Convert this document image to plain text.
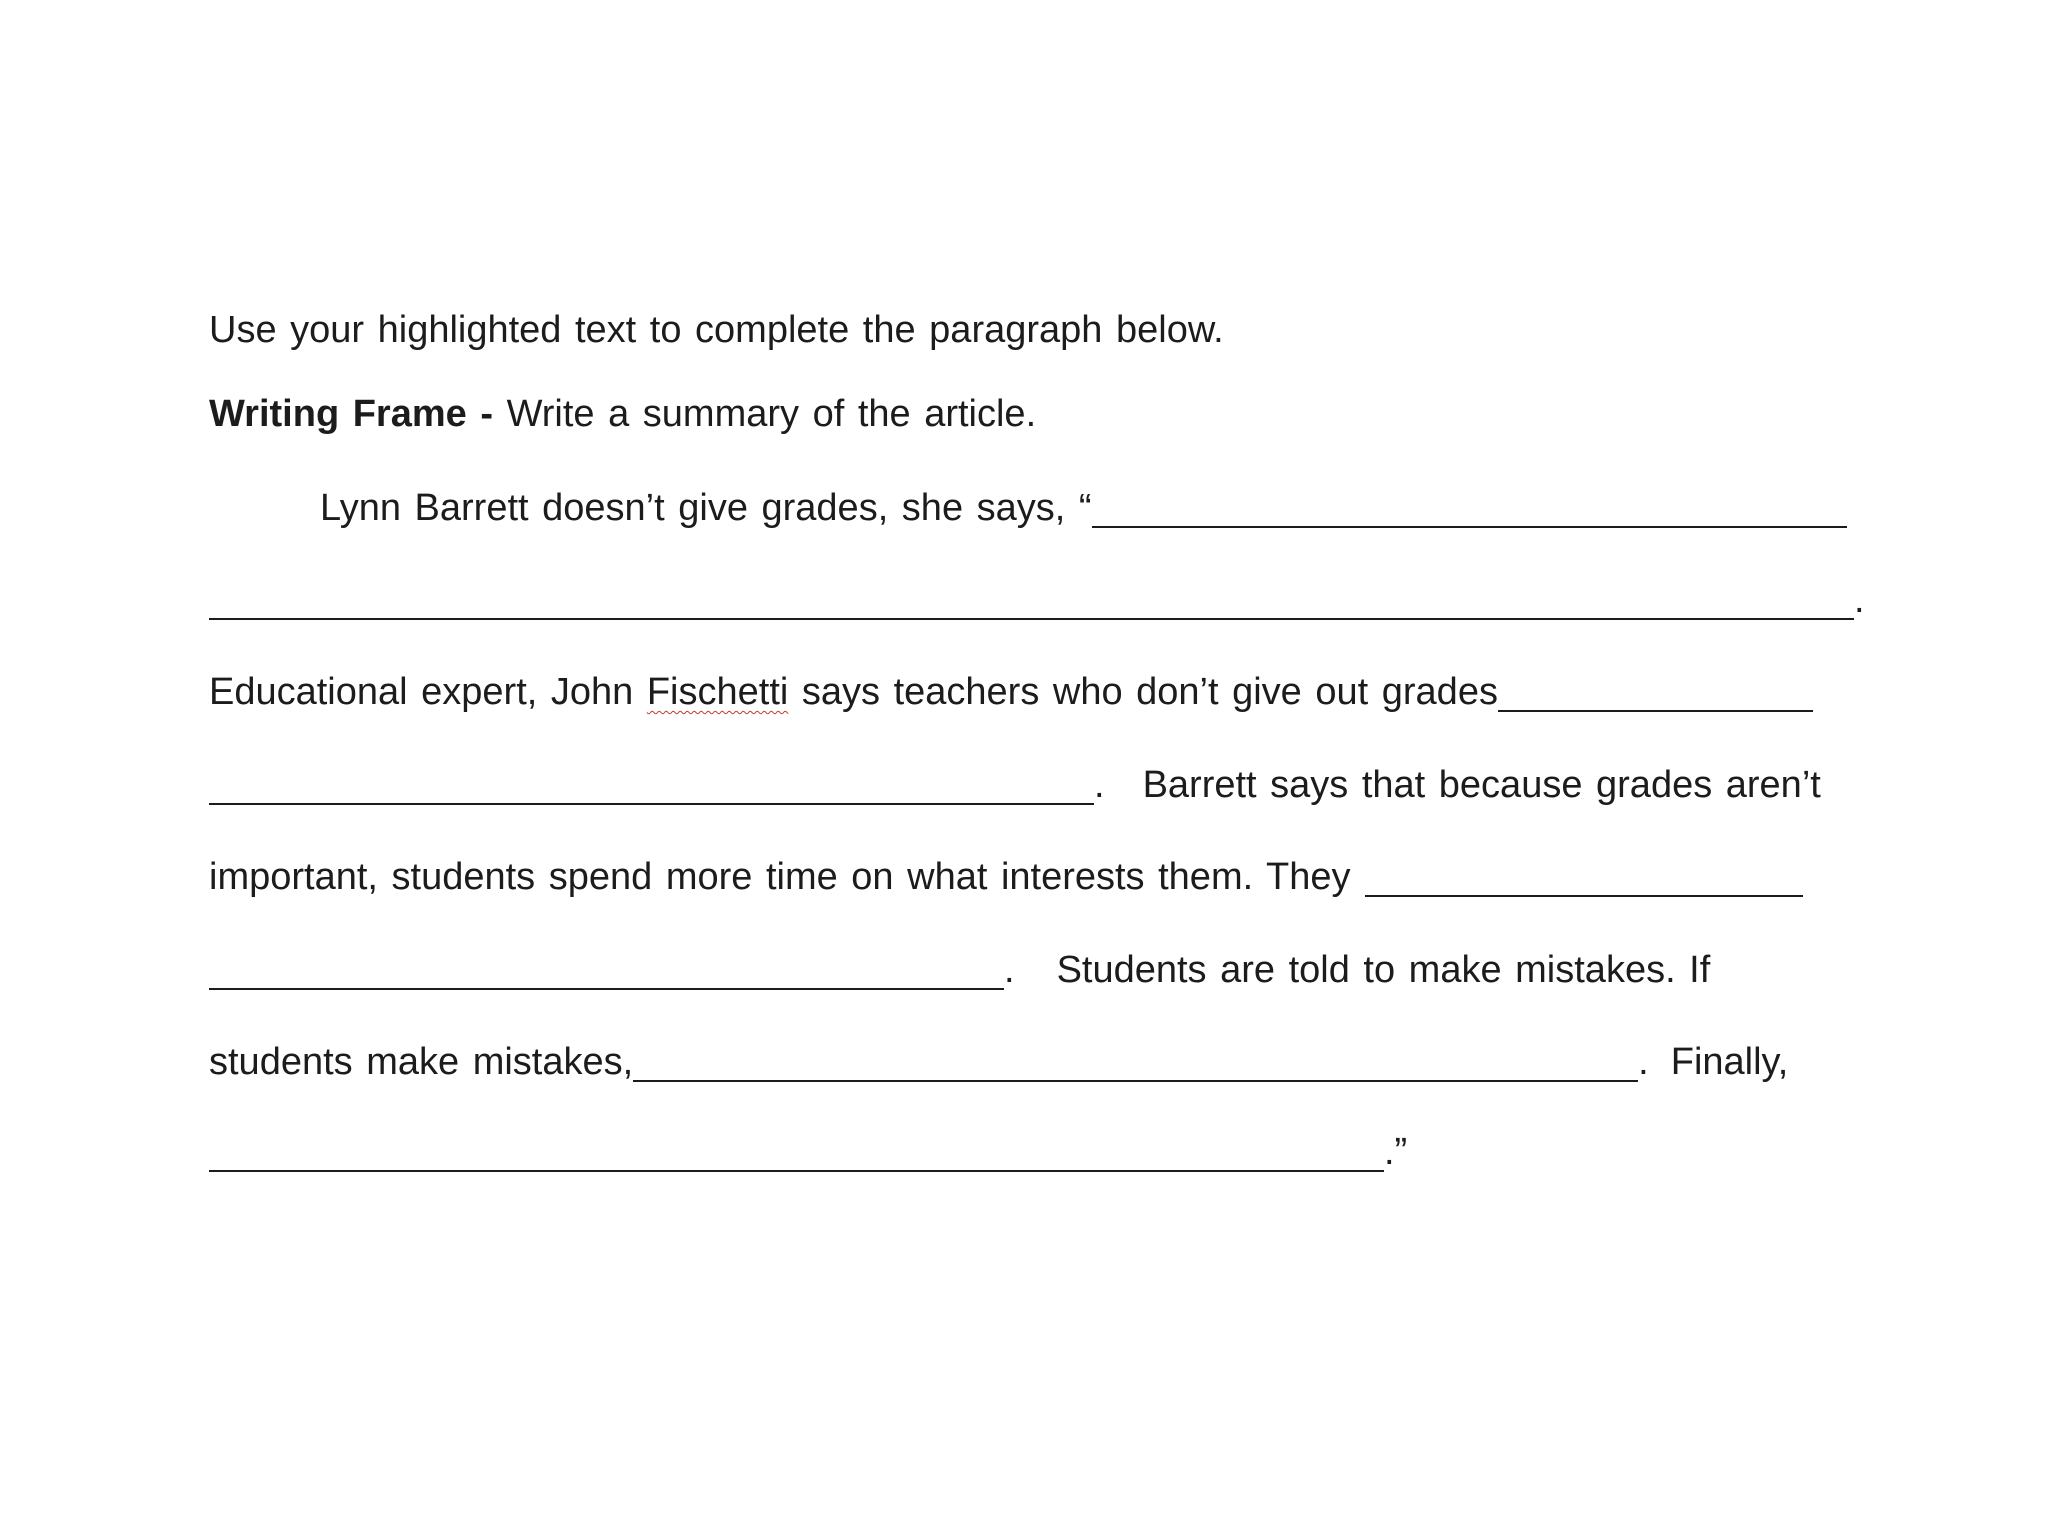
Use your highlighted text to complete the paragraph below.
Writing Frame - Write a summary of the article.
Lynn Barrett doesn’t give grades, she says, “
.
Educational expert, John Fischetti says teachers who don’t give out grades
. Barrett says that because grades aren’t
important, students spend more time on what interests them. They
. Students are told to make mistakes. If
students make mistakes,	. Finally,
.”
